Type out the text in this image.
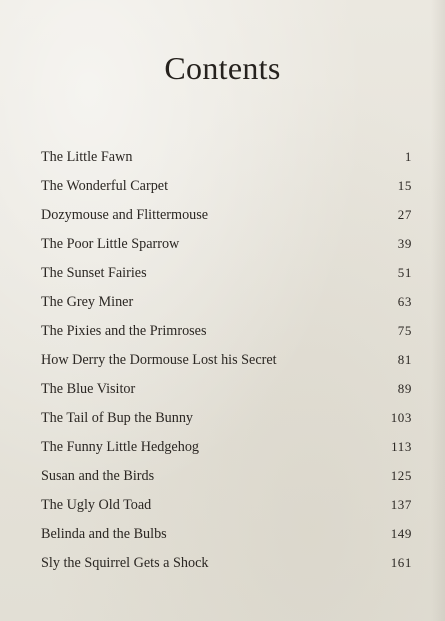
Contents
The Little Fawn	1
The Wonderful Carpet	15
Dozymouse and Flittermouse	27
The Poor Little Sparrow	39
The Sunset Fairies	51
The Grey Miner	63
The Pixies and the Primroses	75
How Derry the Dormouse Lost his Secret	81
The Blue Visitor	89
The Tail of Bup the Bunny	103
The Funny Little Hedgehog	113
Susan and the Birds	125
The Ugly Old Toad	137
Belinda and the Bulbs	149
Sly the Squirrel Gets a Shock	161
